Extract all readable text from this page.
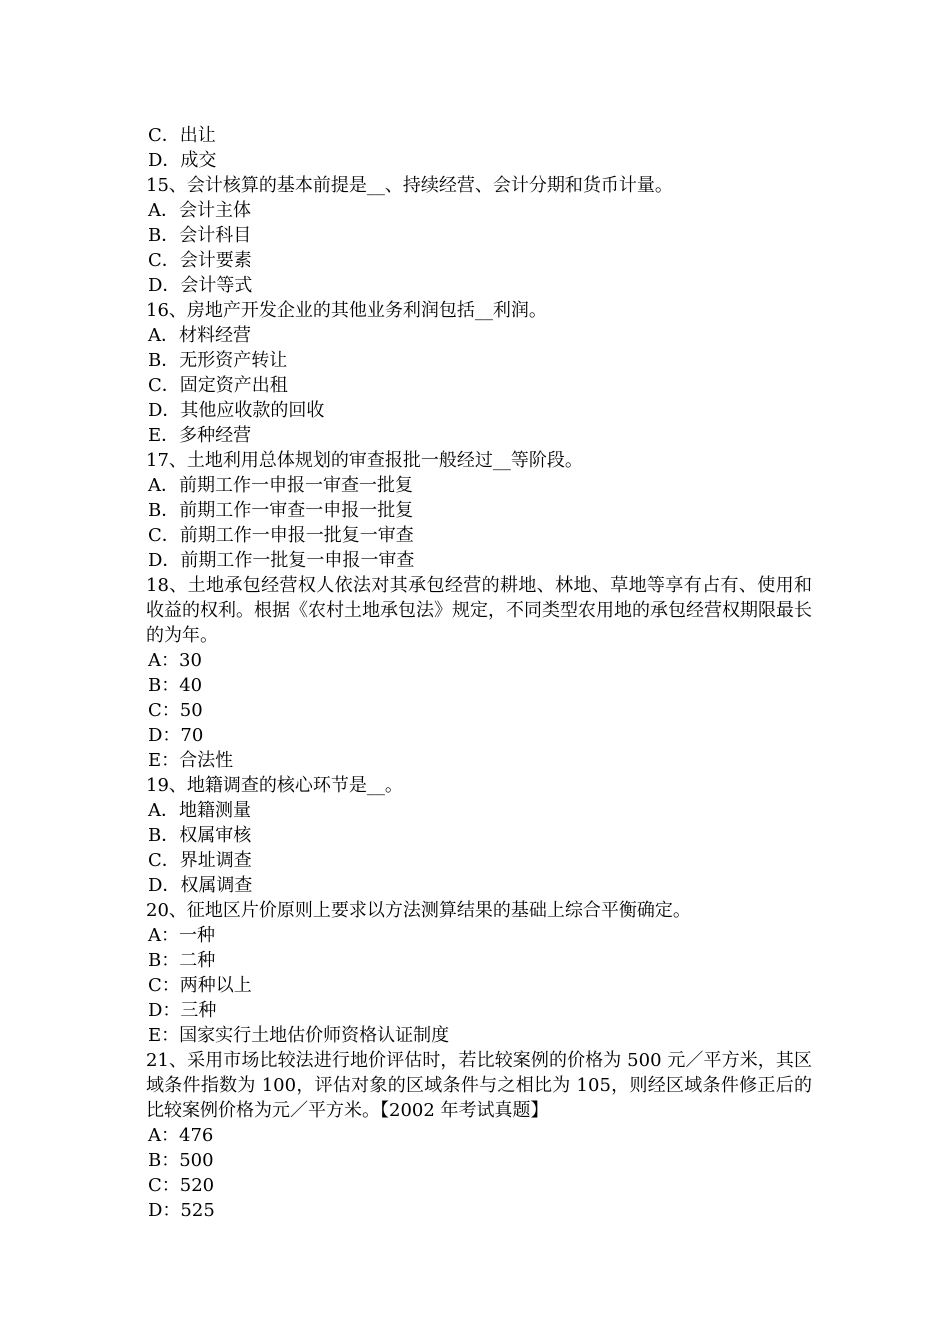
C．出让
D．成交
15、会计核算的基本前提是__、持续经营、会计分期和货币计量。
A．会计主体
B．会计科目
C．会计要素
D．会计等式
16、房地产开发企业的其他业务利润包括__利润。
A．材料经营
B．无形资产转让
C．固定资产出租
D．其他应收款的回收
E．多种经营
17、土地利用总体规划的审查报批一般经过__等阶段。
A．前期工作一申报一审查一批复
B．前期工作一审查一申报一批复
C．前期工作一申报一批复一审查
D．前期工作一批复一申报一审查
18、土地承包经营权人依法对其承包经营的耕地、林地、草地等享有占有、使用和收益的权利。根据《农村土地承包法》规定，不同类型农用地的承包经营权期限最长的为年。
A：30
B：40
C：50
D：70
E：合法性
19、地籍调查的核心环节是__。
A．地籍测量
B．权属审核
C．界址调查
D．权属调查
20、征地区片价原则上要求以方法测算结果的基础上综合平衡确定。
A：一种
B：二种
C：两种以上
D：三种
E：国家实行土地估价师资格认证制度
21、采用市场比较法进行地价评估时，若比较案例的价格为 500 元／平方米，其区域条件指数为 100，评估对象的区域条件与之相比为 105，则经区域条件修正后的比较案例价格为元／平方米。【2002 年考试真题】
A：476
B：500
C：520
D：525
